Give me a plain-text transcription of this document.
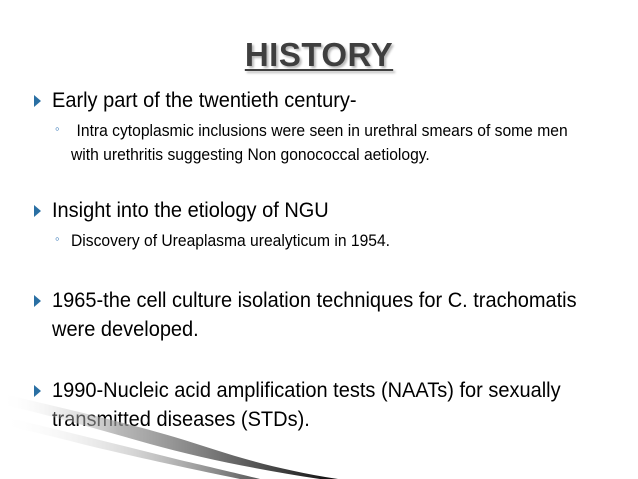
HISTORY
Early part of the twentieth century-
◦ Intra cytoplasmic inclusions were seen in urethral smears of some men with urethritis suggesting Non gonococcal aetiology.
Insight into the etiology of NGU
◦ Discovery of Ureaplasma urealyticum in 1954.
1965-the cell culture isolation techniques for C. trachomatis were developed.
1990-Nucleic acid amplification tests (NAATs) for sexually transmitted diseases (STDs).
